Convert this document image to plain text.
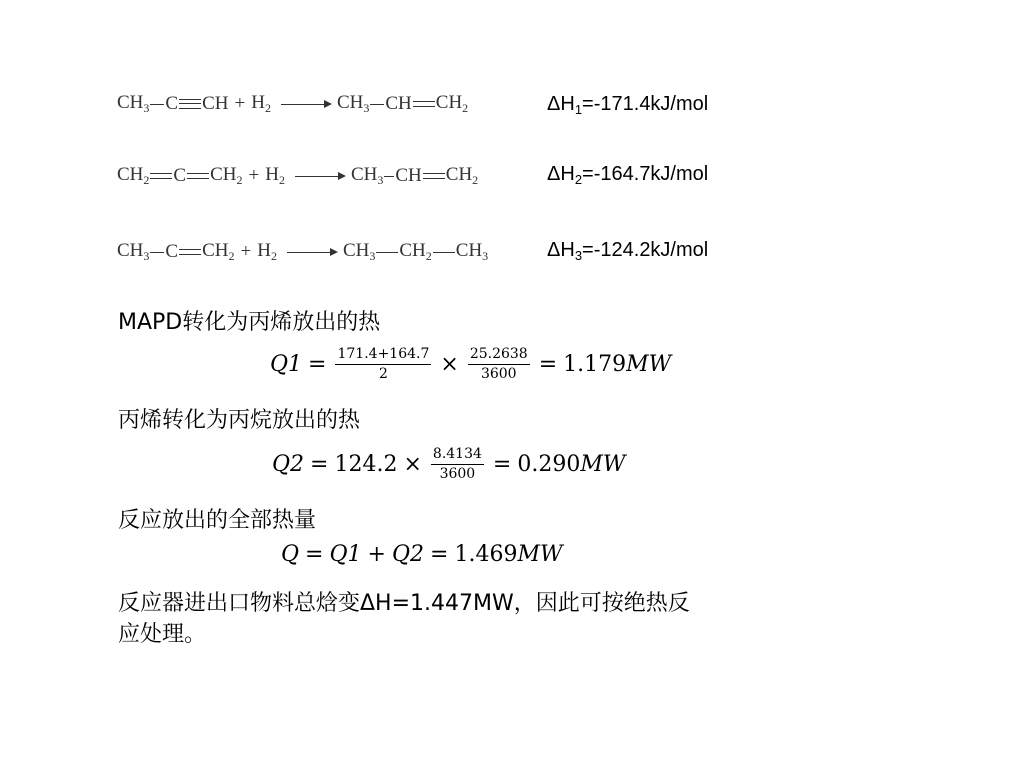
$CH_3$ C CH + $H_2 \to CH_3$ CH $CH_2$	$\Delta H_1=-171.4kJ$/mol
$CH_2$ C $CH_2 + H_2 \to CH_3$ CH $CH_2$	$\Delta H_2=-164.7kJ$/mol
$CH_3$ C $CH_2 + H_2 \to CH_3$ $CH_2$ $CH_3$	$\Delta H_3=-124.2kJ$/mol
MAPD转化为丙烯放出的热
$Q1 = \frac{171.4+164.7}{2} \times \frac{25.2638}{3600} = 1.179$ MW
丙烯转化为丙烷放出的热
$Q2 = 124.2 \times \frac{8.4134}{3600} = 0.290$ MW
反应放出的全部热量
Q = Q1 + Q2 = 1.469 MW
反应器进出口物料总焓变ΔH=1.447MW，因此可按绝热反
应处理。
